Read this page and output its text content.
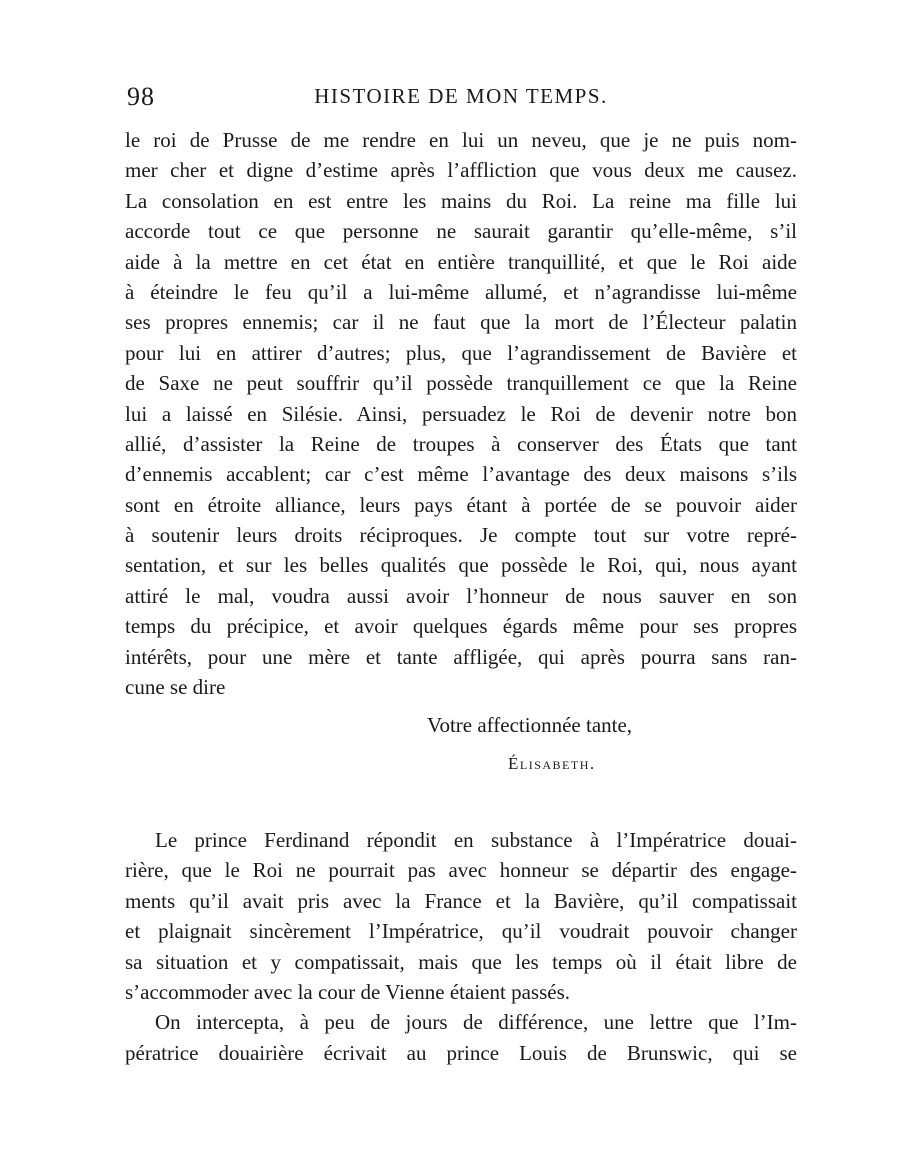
98	HISTOIRE DE MON TEMPS.
le roi de Prusse de me rendre en lui un neveu, que je ne puis nom-
mer cher et digne d’estime après l’affliction que vous deux me causez.
La consolation en est entre les mains du Roi. La reine ma fille lui
accorde tout ce que personne ne saurait garantir qu’elle-même, s’il
aide à la mettre en cet état en entière tranquillité, et que le Roi aide
à éteindre le feu qu’il a lui-même allumé, et n’agrandisse lui-même
ses propres ennemis; car il ne faut que la mort de l’Électeur palatin
pour lui en attirer d’autres; plus, que l’agrandissement de Bavière et
de Saxe ne peut souffrir qu’il possède tranquillement ce que la Reine
lui a laissé en Silésie. Ainsi, persuadez le Roi de devenir notre bon
allié, d’assister la Reine de troupes à conserver des États que tant
d’ennemis accablent; car c’est même l’avantage des deux maisons s’ils
sont en étroite alliance, leurs pays étant à portée de se pouvoir aider
à soutenir leurs droits réciproques. Je compte tout sur votre repré-
sentation, et sur les belles qualités que possède le Roi, qui, nous ayant
attiré le mal, voudra aussi avoir l’honneur de nous sauver en son
temps du précipice, et avoir quelques égards même pour ses propres
intérêts, pour une mère et tante affligée, qui après pourra sans ran-
cune se dire
Votre affectionnée tante,
Élisabeth.
Le prince Ferdinand répondit en substance à l’Impératrice douai-
rière, que le Roi ne pourrait pas avec honneur se départir des engage-
ments qu’il avait pris avec la France et la Bavière, qu’il compatissait
et plaignait sincèrement l’Impératrice, qu’il voudrait pouvoir changer
sa situation et y compatissait, mais que les temps où il était libre de
s’accommoder avec la cour de Vienne étaient passés.
On intercepta, à peu de jours de différence, une lettre que l’Im-
pératrice douairière écrivait au prince Louis de Brunswic, qui se
